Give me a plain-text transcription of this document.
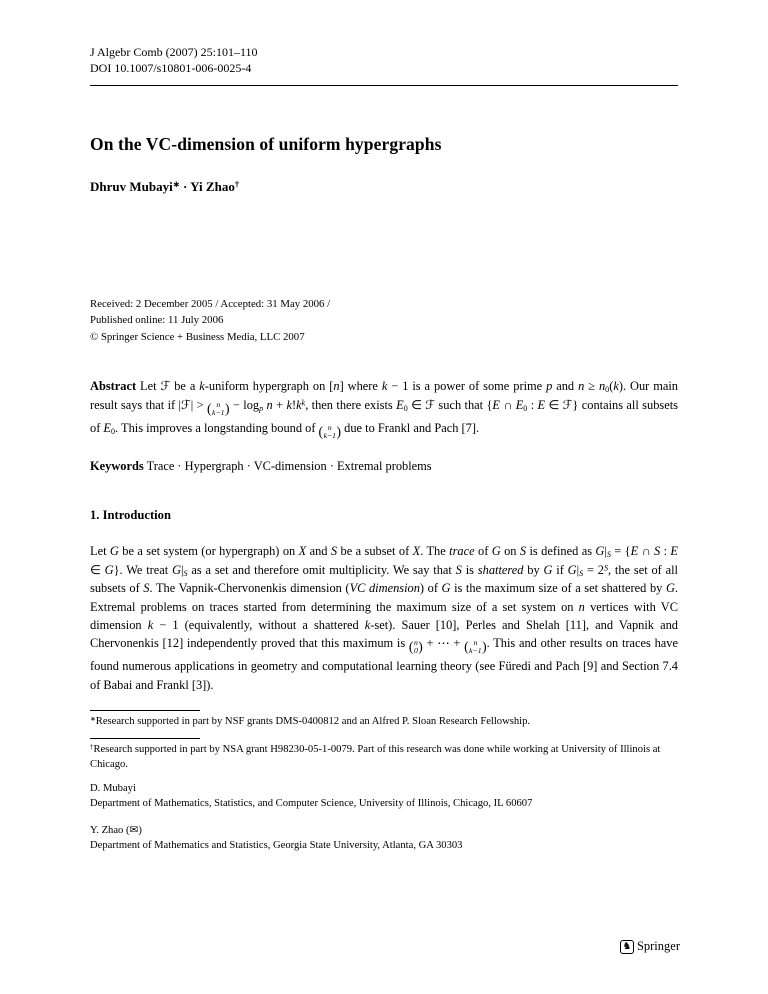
J Algebr Comb (2007) 25:101–110
DOI 10.1007/s10801-006-0025-4
On the VC-dimension of uniform hypergraphs
Dhruv Mubayi∗ · Yi Zhao†
Received: 2 December 2005 / Accepted: 31 May 2006 /
Published online: 11 July 2006
© Springer Science + Business Media, LLC 2007

Abstract Let ℱ be a k-uniform hypergraph on [n] where k − 1 is a power of some prime p and $n \ge n_0(k)$. Our main result says that if |ℱ| > ( n
k−1 ) − logp $n + k!k^k$, then there exists $E_0$ ∈ ℱ such that {E ∩ $E_0$ : E ∈ ℱ} contains all subsets of $E_0$. This improves a longstanding bound of ( n
k−1 ) due to Frankl and Pach [7].

Keywords Trace · Hypergraph · VC-dimension · Extremal problems

1. Introduction

Let G be a set system (or hypergraph) on X and S be a subset of X. The trace of G on S is defined as G|S = {E ∩ S : E ∈ G}. We treat G|S as a set and therefore omit multiplicity. We say that S is shattered by G if $G|S = 2^S$, the set of all subsets of S. The Vapnik-Chervonenkis dimension (VC dimension) of G is the maximum size of a set shattered by G. Extremal problems on traces started from determining the maximum size of a set system on n vertices with VC dimension k − 1 (equivalently, without a shattered k-set). Sauer [10], Perles and Shelah [11], and Vapnik and Chervonenkis [12] independently proved that this maximum is ( n
0 ) + ⋯ + ( n
k−1 ) . This and other results on traces have found numerous applications in geometry and computational learning theory (see Füredi and Pach [9] and Section 7.4 of Babai and Frankl [3]).

∗Research supported in part by NSF grants DMS-0400812 and an Alfred P. Sloan Research Fellowship.
†Research supported in part by NSA grant H98230-05-1-0079. Part of this research was done while working at University of Illinois at Chicago.
D. Mubayi
Department of Mathematics, Statistics, and Computer Science, University of Illinois, Chicago, IL 60607
Y. Zhao (✉)
Department of Mathematics and Statistics, Georgia State University, Atlanta, GA 30303
♞ Springer
